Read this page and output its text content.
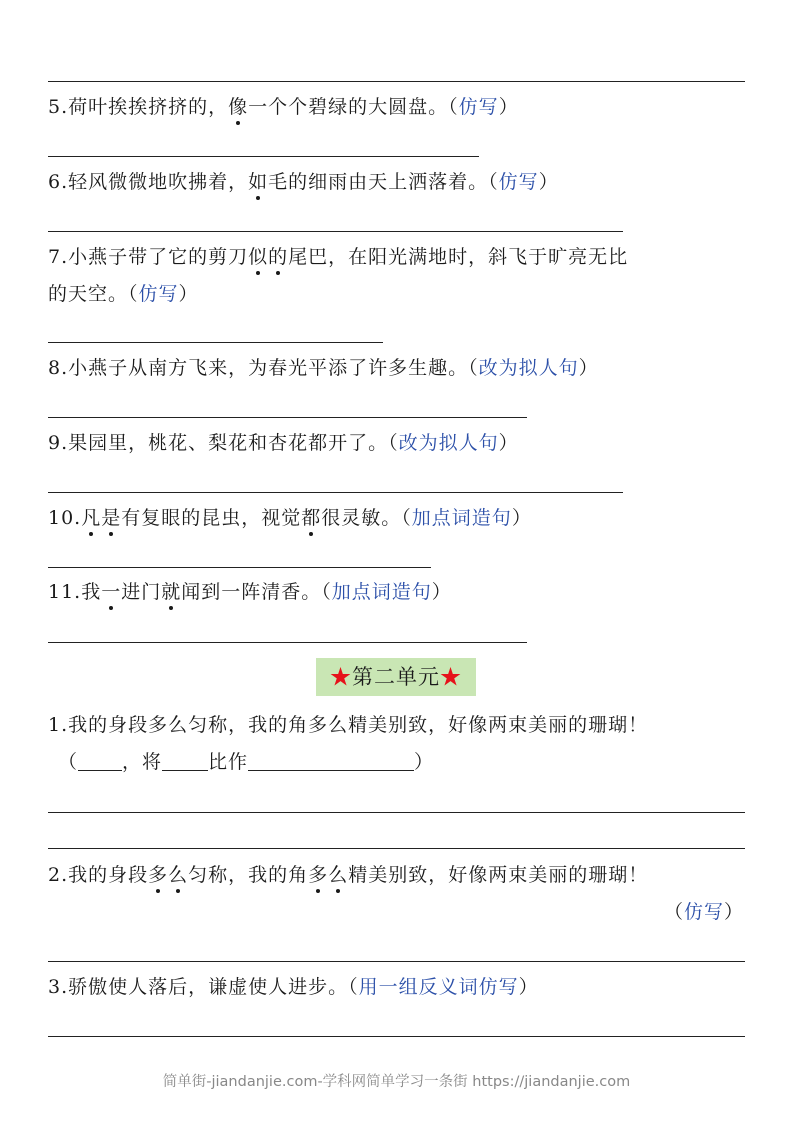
5.荷叶挨挨挤挤的，像一个个碧绿的大圆盘。（仿写）
6.轻风微微地吹拂着，如毛的细雨由天上洒落着。（仿写）
7.小燕子带了它的剪刀似的尾巴，在阳光满地时，斜飞于旷亮无比
的天空。（仿写）
8.小燕子从南方飞来，为春光平添了许多生趣。（改为拟人句）
9.果园里，桃花、梨花和杏花都开了。（改为拟人句）
10.凡是有复眼的昆虫，视觉都很灵敏。（加点词造句）
11.我一进门就闻到一阵清香。（加点词造句）
★第二单元★
1.我的身段多么匀称，我的角多么精美别致，好像两束美丽的珊瑚！
（ ，将 比作	）
2.我的身段多么匀称，我的角多么精美别致，好像两束美丽的珊瑚！
（仿写）
3.骄傲使人落后，谦虚使人进步。（用一组反义词仿写）
简单街-jiandanjie.com-学科网简单学习一条街 https://jiandanjie.com
